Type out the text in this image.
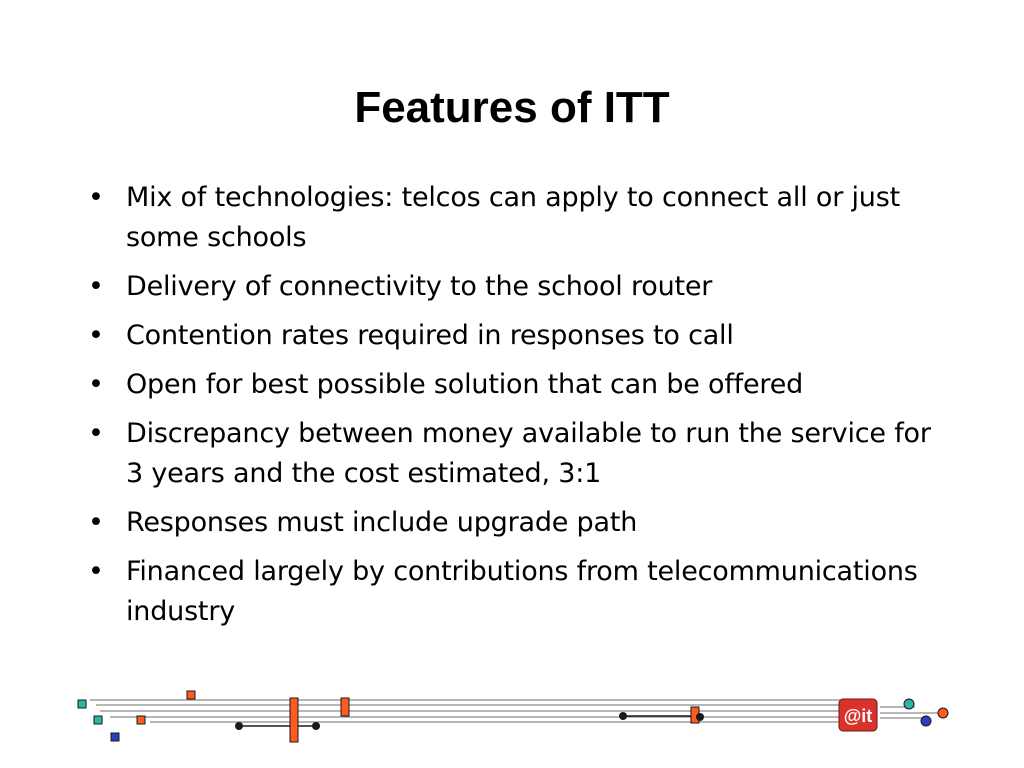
Features of ITT
• Mix of technologies: telcos can apply to connect all or just some schools
• Delivery of connectivity to the school router
• Contention rates required in responses to call
• Open for best possible solution that can be offered
• Discrepancy between money available to run the service for 3 years and the cost estimated, 3:1
• Responses must include upgrade path
• Financed largely by contributions from telecommunications industry
@it
